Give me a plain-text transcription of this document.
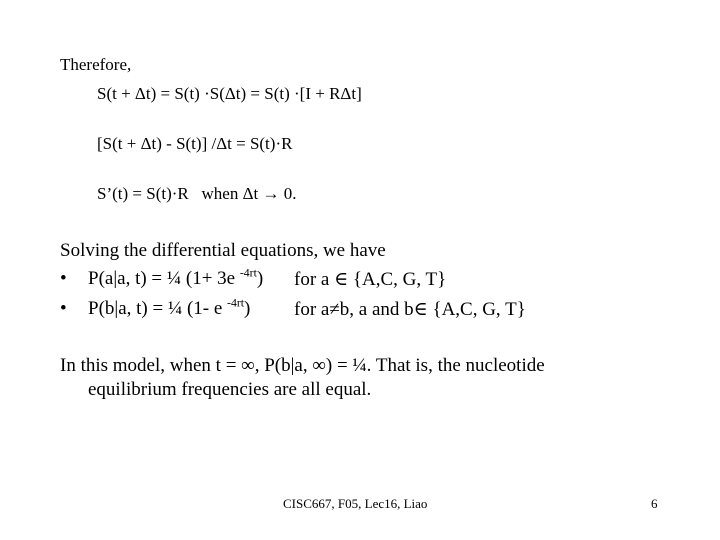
Therefore,
S(t + Δt) = S(t) ·S(Δt) = S(t) ·[I + RΔt]
[S(t + Δt) - S(t)] /Δt = S(t)·R
S’(t) = S(t)·R   when Δt → 0.
Solving the differential equations, we have
• P(a|a, t) = ¼ (1+ 3e $^{-4rt}$) for a ∈ {A,C, G, T}
• P(b|a, t) = ¼ (1- e $^{-4rt}$) for a≠b, a and b∈ {A,C, G, T}
In this model, when t = ∞, P(b|a, ∞) = ¼. That is, the nucleotide
equilibrium frequencies are all equal.
CISC667, F05, Lec16, Liao	6
